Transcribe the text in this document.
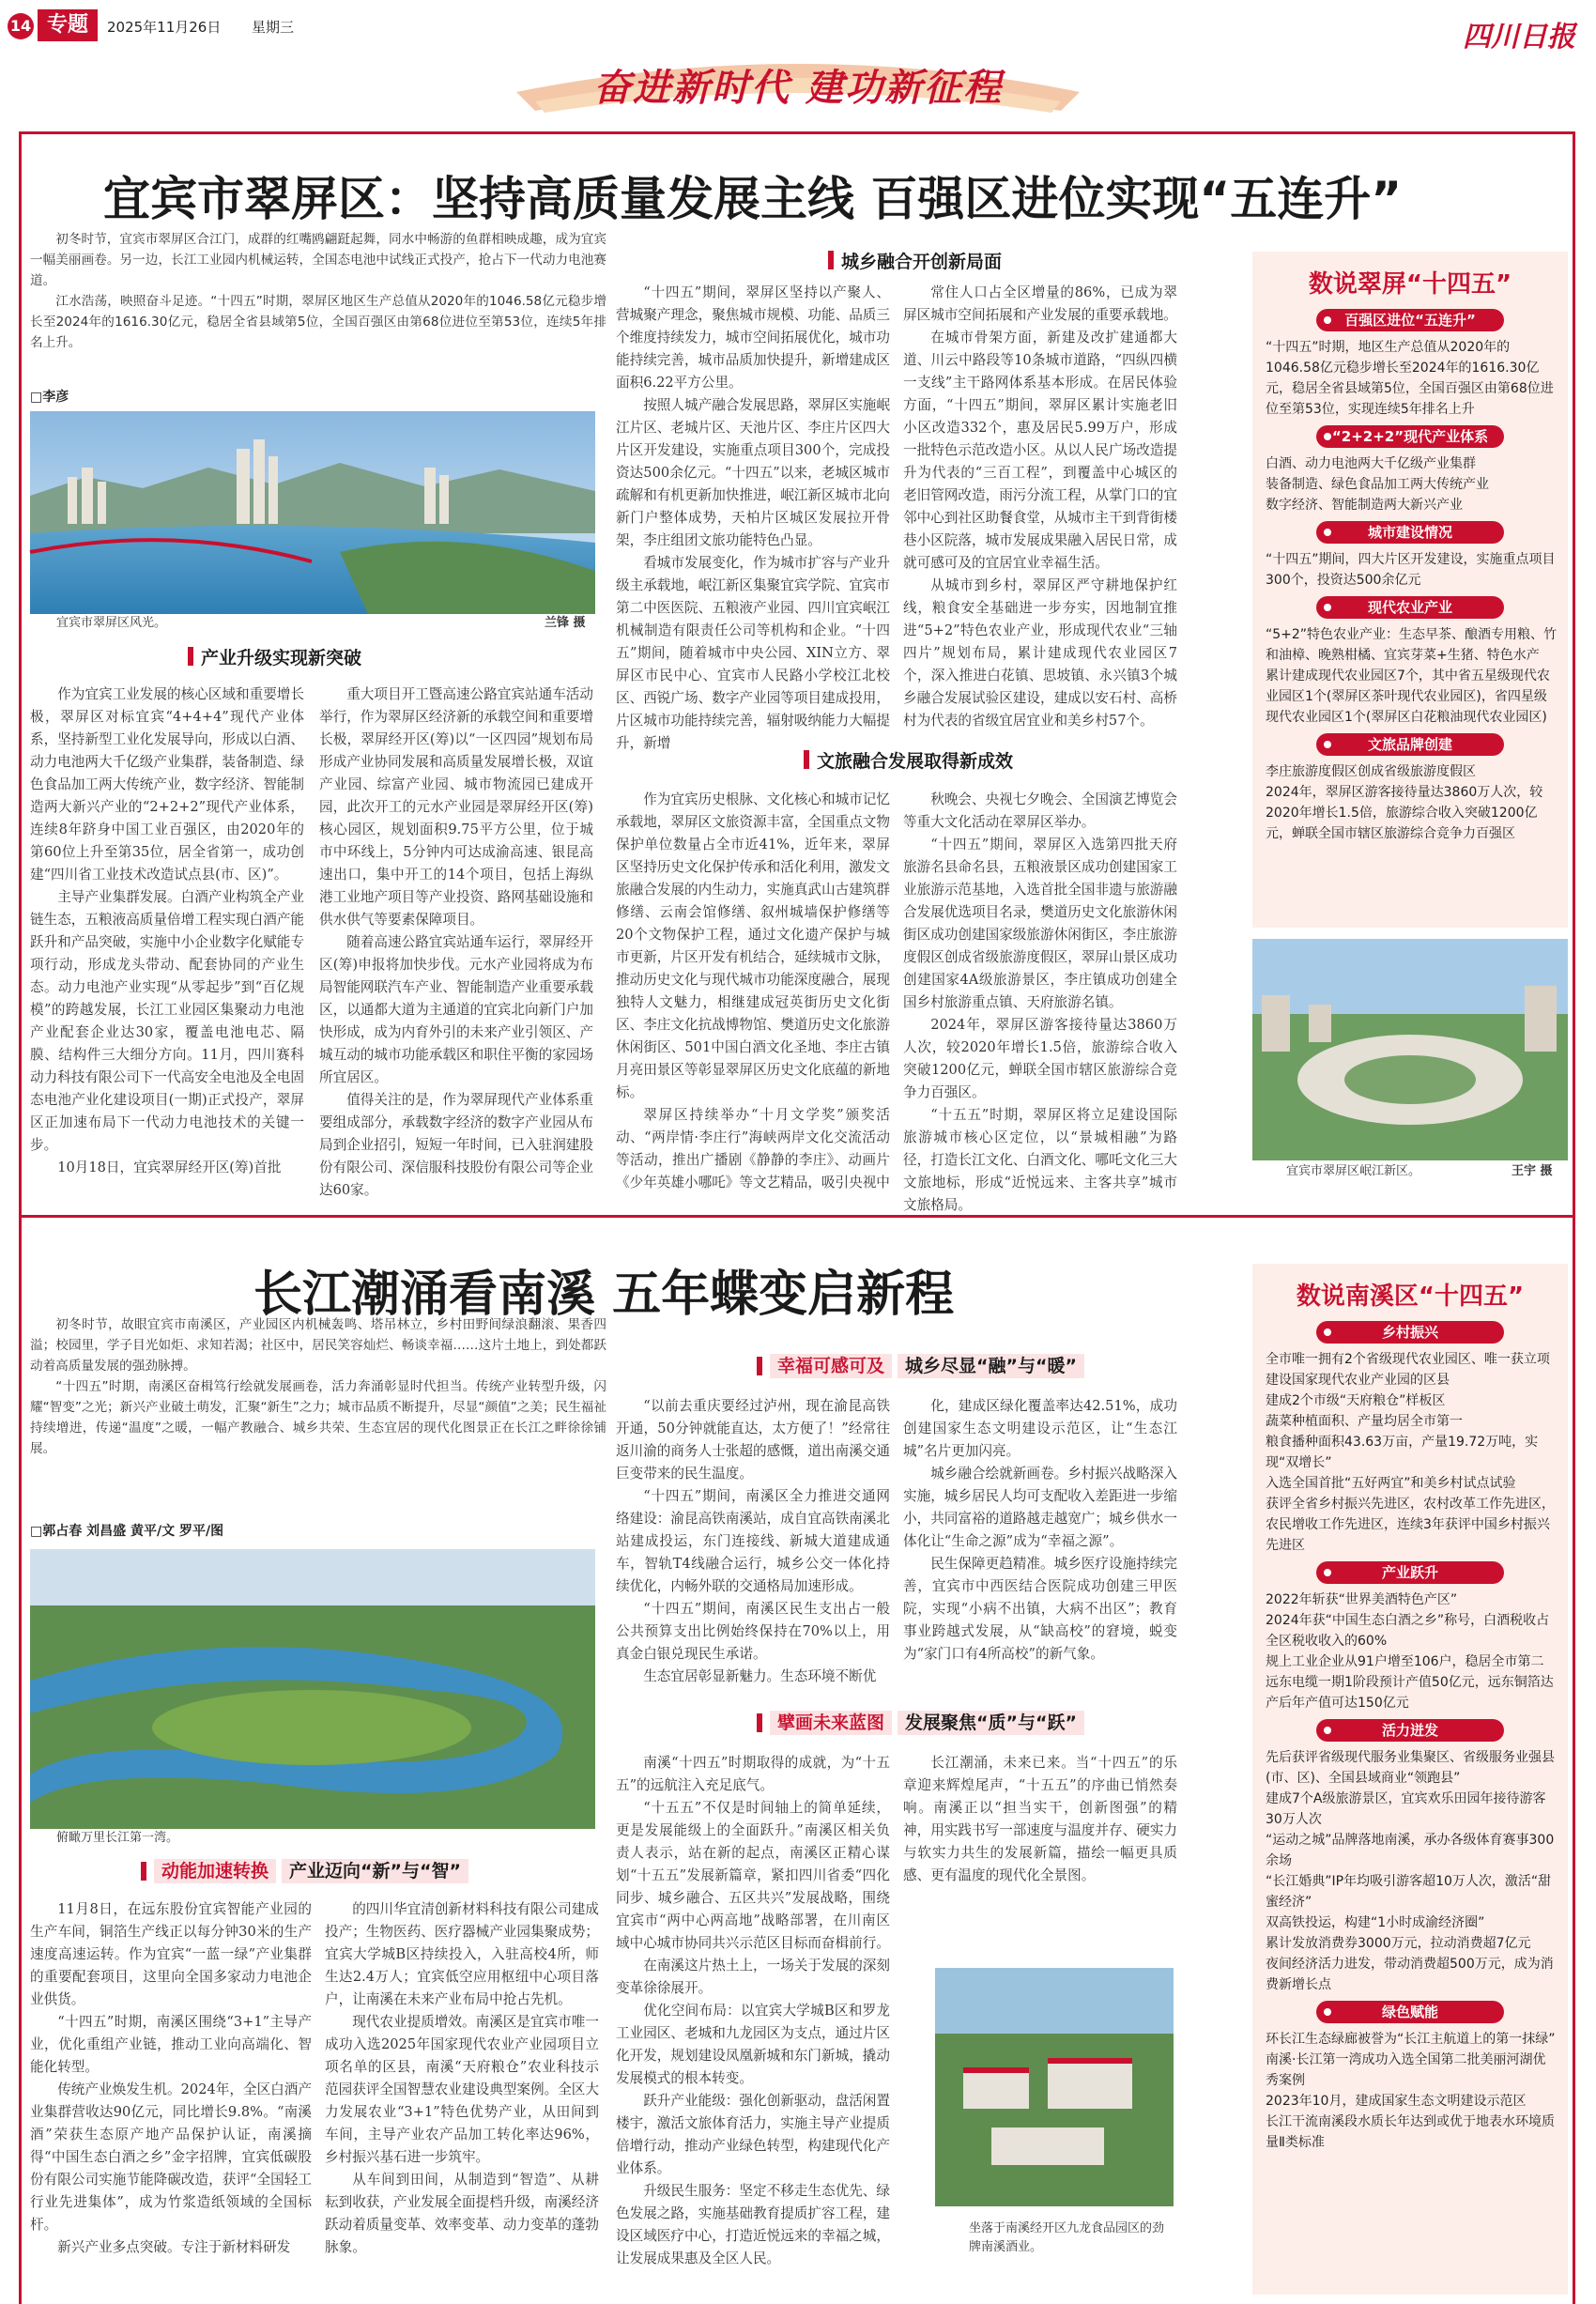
14 专题	2025年11月26日 星期三
奋进新时代 建功新征程
四川日报
宜宾市翠屏区：坚持高质量发展主线 百强区进位实现“五连升”

初冬时节，宜宾市翠屏区合江门，成群的红嘴鸥翩跹起舞，同水中畅游的鱼群相映成趣，成为宜宾一幅美丽画卷。另一边，长江工业园内机械运转，全国态电池中试线正式投产，抢占下一代动力电池赛道。

江水浩荡，映照奋斗足迹。“十四五”时期，翠屏区地区生产总值从2020年的1046.58亿元稳步增长至2024年的1616.30亿元，稳居全省县域第5位，全国百强区由第68位进位至第53位，连续5年排名上升。

□李彦
宜宾市翠屏区风光。	兰锋 摄
产业升级实现新突破

作为宜宾工业发展的核心区域和重要增长极，翠屏区对标宜宾“4+4+4”现代产业体系，坚持新型工业化发展导向，形成以白酒、动力电池两大千亿级产业集群，装备制造、绿色食品加工两大传统产业，数字经济、智能制造两大新兴产业的“2+2+2”现代产业体系，连续8年跻身中国工业百强区，由2020年的第60位上升至第35位，居全省第一，成功创建“四川省工业技术改造试点县(市、区)”。

主导产业集群发展。白酒产业构筑全产业链生态，五粮液高质量倍增工程实现白酒产能跃升和产品突破，实施中小企业数字化赋能专项行动，形成龙头带动、配套协同的产业生态。动力电池产业实现“从零起步”到“百亿规模”的跨越发展，长江工业园区集聚动力电池产业配套企业达30家，覆盖电池电芯、隔膜、结构件三大细分方向。11月，四川赛科动力科技有限公司下一代高安全电池及全电固态电池产业化建设项目(一期)正式投产，翠屏区正加速布局下一代动力电池技术的关键一步。

10月18日，宜宾翠屏经开区(筹)首批

重大项目开工暨高速公路宜宾站通车活动举行，作为翠屏区经济新的承载空间和重要增长极，翠屏经开区(筹)以“一区四园”规划布局形成产业协同发展和高质量发展增长极，双谊产业园、综富产业园、城市物流园已建成开园，此次开工的元水产业园是翠屏经开区(筹)核心园区，规划面积9.75平方公里，位于城市中环线上，5分钟内可达成渝高速、银昆高速出口，集中开工的14个项目，包括上海纵港工业地产项目等产业投资、路网基础设施和供水供气等要素保障项目。

随着高速公路宜宾站通车运行，翠屏经开区(筹)申报将加快步伐。元水产业园将成为布局智能网联汽车产业、智能制造产业重要承载区，以通都大道为主通道的宜宾北向新门户加快形成，成为内育外引的未来产业引领区、产城互动的城市功能承载区和职住平衡的家园场所宜居区。

值得关注的是，作为翠屏现代产业体系重要组成部分，承载数字经济的数字产业园从布局到企业招引，短短一年时间，已入驻润建股份有限公司、深信服科技股份有限公司等企业达60家。

城乡融合开创新局面

“十四五”期间，翠屏区坚持以产聚人、营城聚产理念，聚焦城市规模、功能、品质三个维度持续发力，城市空间拓展优化，城市功能持续完善，城市品质加快提升，新增建成区面积6.22平方公里。

按照人城产融合发展思路，翠屏区实施岷江片区、老城片区、天池片区、李庄片区四大片区开发建设，实施重点项目300个，完成投资达500余亿元。“十四五”以来，老城区城市疏解和有机更新加快推进，岷江新区城市北向新门户整体成势，天柏片区城区发展拉开骨架，李庄组团文旅功能特色凸显。

看城市发展变化，作为城市扩容与产业升级主承载地，岷江新区集聚宜宾学院、宜宾市第二中医医院、五粮液产业园、四川宜宾岷江机械制造有限责任公司等机构和企业。“十四五”期间，随着城市中央公园、XIN立方、翠屏区市民中心、宜宾市人民路小学校江北校区、西锐广场、数字产业园等项目建成投用，片区城市功能持续完善，辐射吸纳能力大幅提升，新增

常住人口占全区增量的86%，已成为翠屏区城市空间拓展和产业发展的重要承载地。

在城市骨架方面，新建及改扩建通都大道、川云中路段等10条城市道路，“四纵四横一支线”主干路网体系基本形成。在居民体验方面，“十四五”期间，翠屏区累计实施老旧小区改造332个，惠及居民5.99万户，形成一批特色示范改造小区。从以人民广场改造提升为代表的“三百工程”，到覆盖中心城区的老旧管网改造，雨污分流工程，从掌门口的宜邻中心到社区助餐食堂，从城市主干到背街楼巷小区院落，城市发展成果融入居民日常，成就可感可及的宜居宜业幸福生活。

从城市到乡村，翠屏区严守耕地保护红线，粮食安全基础进一步夯实，因地制宜推进“5+2”特色农业产业，形成现代农业“三轴四片”规划布局，累计建成现代农业园区7个，深入推进白花镇、思坡镇、永兴镇3个城乡融合发展试验区建设，建成以安石村、高桥村为代表的省级宜居宜业和美乡村57个。

文旅融合发展取得新成效

作为宜宾历史根脉、文化核心和城市记忆承载地，翠屏区文旅资源丰富，全国重点文物保护单位数量占全市近41%，近年来，翠屏区坚持历史文化保护传承和活化利用，激发文旅融合发展的内生动力，实施真武山古建筑群修缮、云南会馆修缮、叙州城墙保护修缮等20个文物保护工程，通过文化遗产保护与城市更新，片区开发有机结合，延续城市文脉，推动历史文化与现代城市功能深度融合，展现独特人文魅力，相继建成冠英街历史文化街区、李庄文化抗战博物馆、樊道历史文化旅游休闲街区、501中国白酒文化圣地、李庄古镇月亮田景区等彰显翠屏区历史文化底蕴的新地标。

翠屏区持续举办“十月文学奖”颁奖活动、“两岸情·李庄行”海峡两岸文化交流活动等活动，推出广播剧《静静的李庄》、动画片《少年英雄小哪吒》等文艺精品，吸引央视中

秋晚会、央视七夕晚会、全国演艺博览会等重大文化活动在翠屏区举办。

“十四五”期间，翠屏区入选第四批天府旅游名县命名县，五粮液景区成功创建国家工业旅游示范基地，入选首批全国非遗与旅游融合发展优选项目名录，樊道历史文化旅游休闲街区成功创建国家级旅游休闲街区，李庄旅游度假区创成省级旅游度假区，翠屏山景区成功创建国家4A级旅游景区，李庄镇成功创建全国乡村旅游重点镇、天府旅游名镇。

2024年，翠屏区游客接待量达3860万人次，较2020年增长1.5倍，旅游综合收入突破1200亿元，蝉联全国市辖区旅游综合竞争力百强区。

“十五五”时期，翠屏区将立足建设国际旅游城市核心区定位，以“景城相融”为路径，打造长江文化、白酒文化、哪吒文化三大文旅地标，形成“近悦远来、主客共享”城市文旅格局。

数说翠屏“十四五”
百强区进位“五连升”
“十四五”时期，地区生产总值从2020年的
1046.58亿元稳步增长至2024年的1616.30亿元，稳居全省县域第5位，全国百强区由第68位进位至第53位，实现连续5年排名上升
“2+2+2”现代产业体系
白酒、动力电池两大千亿级产业集群
装备制造、绿色食品加工两大传统产业
数字经济、智能制造两大新兴产业
城市建设情况
“十四五”期间，四大片区开发建设，实施重点项目300个，投资达500余亿元
现代农业产业
“5+2”特色农业产业：生态早茶、酿酒专用粮、竹和油樟、晚熟柑橘、宜宾芽菜+生猪、特色水产
累计建成现代农业园区7个，其中省五星级现代农业园区1个(翠屏区茶叶现代农业园区)，省四星级现代农业园区1个(翠屏区白花粮油现代农业园区)
文旅品牌创建
李庄旅游度假区创成省级旅游度假区
2024年，翠屏区游客接待量达3860万人次，较2020年增长1.5倍，旅游综合收入突破1200亿元，蝉联全国市辖区旅游综合竞争力百强区
宜宾市翠屏区岷江新区。	王宇 摄
长江潮涌看南溪 五年蝶变启新程

初冬时节，故眼宜宾市南溪区，产业园区内机械轰鸣、塔吊林立，乡村田野间绿浪翻滚、果香四溢；校园里，学子目光如炬、求知若渴；社区中，居民笑容灿烂、畅谈幸福……这片土地上，到处都跃动着高质量发展的强劲脉搏。

“十四五”时期，南溪区奋楫笃行绘就发展画卷，活力奔涌彰显时代担当。传统产业转型升级，闪耀“智变”之光；新兴产业破土萌发，汇聚“新生”之力；城市品质不断提升，尽显“颜值”之美；民生福祉持续增进，传递“温度”之暖，一幅产教融合、城乡共荣、生态宜居的现代化图景正在长江之畔徐徐铺展。

□郭占春 刘昌盛 黄平/文 罗平/图
俯瞰万里长江第一湾。
动能加速转换	产业迈向“新”与“智”

11月8日，在远东股份宜宾智能产业园的生产车间，铜箔生产线正以每分钟30米的生产速度高速运转。作为宜宾“一蓝一绿”产业集群的重要配套项目，这里向全国多家动力电池企业供货。

“十四五”时期，南溪区围绕“3+1”主导产业，优化重组产业链，推动工业向高端化、智能化转型。

传统产业焕发生机。2024年，全区白酒产业集群营收达90亿元，同比增长9.8%。“南溪酒”荣获生态原产地产品保护认证，南溪摘得“中国生态白酒之乡”金字招牌，宜宾低碳股份有限公司实施节能降碳改造，获评“全国轻工行业先进集体”，成为竹浆造纸领域的全国标杆。

新兴产业多点突破。专注于新材料研发

的四川华宜清创新材料科技有限公司建成投产；生物医药、医疗器械产业园集聚成势；宜宾大学城B区持续投入，入驻高校4所，师生达2.4万人；宜宾低空应用枢纽中心项目落户，让南溪在未来产业布局中抢占先机。

现代农业提质增效。南溪区是宜宾市唯一成功入选2025年国家现代农业产业园项目立项名单的区县，南溪“天府粮仓”农业科技示范园获评全国智慧农业建设典型案例。全区大力发展农业“3+1”特色优势产业，从田间到车间，主导产业农产品加工转化率达96%，乡村振兴基石进一步筑牢。

从车间到田间，从制造到“智造”、从耕耘到收获，产业发展全面提档升级，南溪经济跃动着质量变革、效率变革、动力变革的蓬勃脉象。

幸福可感可及	城乡尽显“融”与“暖”

“以前去重庆要经过泸州，现在渝昆高铁开通，50分钟就能直达，太方便了！”经常往返川渝的商务人士张超的感慨，道出南溪交通巨变带来的民生温度。

“十四五”期间，南溪区全力推进交通网络建设：渝昆高铁南溪站，成自宜高铁南溪北站建成投运，东门连接线、新城大道建成通车，智轨T4线融合运行，城乡公交一体化持续优化，内畅外联的交通格局加速形成。

“十四五”期间，南溪区民生支出占一般公共预算支出比例始终保持在70%以上，用真金白银兑现民生承诺。

生态宜居彰显新魅力。生态环境不断优

化，建成区绿化覆盖率达42.51%，成功创建国家生态文明建设示范区，让“生态江城”名片更加闪亮。

城乡融合绘就新画卷。乡村振兴战略深入实施，城乡居民人均可支配收入差距进一步缩小，共同富裕的道路越走越宽广；城乡供水一体化让“生命之源”成为“幸福之源”。

民生保障更趋精准。城乡医疗设施持续完善，宜宾市中西医结合医院成功创建三甲医院，实现“小病不出镇，大病不出区”；教育事业跨越式发展，从“缺高校”的窘境，蜕变为“家门口有4所高校”的新气象。

擘画未来蓝图	发展聚焦“质”与“跃”

南溪“十四五”时期取得的成就，为“十五五”的远航注入充足底气。

“十五五”不仅是时间轴上的简单延续，更是发展能级上的全面跃升。”南溪区相关负责人表示，站在新的起点，南溪区正精心谋划“十五五”发展新篇章，紧扣四川省委“四化同步、城乡融合、五区共兴”发展战略，围绕宜宾市“两中心两高地”战略部署，在川南区域中心城市协同共兴示范区目标而奋楫前行。

在南溪这片热土上，一场关于发展的深刻变革徐徐展开。

优化空间布局：以宜宾大学城B区和罗龙工业园区、老城和九龙园区为支点，通过片区化开发，规划建设凤凰新城和东门新城，撬动发展模式的根本转变。

跃升产业能级：强化创新驱动，盘活闲置楼宇，激活文旅体育活力，实施主导产业提质倍增行动，推动产业绿色转型，构建现代化产业体系。

升级民生服务：坚定不移走生态优先、绿色发展之路，实施基础教育提质扩容工程，建设区域医疗中心，打造近悦远来的幸福之城，让发展成果惠及全区人民。

长江潮涌，未来已来。当“十四五”的乐章迎来辉煌尾声，“十五五”的序曲已悄然奏响。南溪正以“担当实干，创新图强”的精神，用实践书写一部速度与温度并存、硬实力与软实力共生的发展新篇，描绘一幅更具质感、更有温度的现代化全景图。

坐落于南溪经开区九龙食品园区的劲牌南溪酒业。
数说南溪区“十四五”
乡村振兴
全市唯一拥有2个省级现代农业园区、唯一获立项建设国家现代农业产业园的区县
建成2个市级“天府粮仓”样板区
蔬菜种植面积、产量均居全市第一
粮食播种面积43.63万亩，产量19.72万吨，实现“双增长”
入选全国首批“五好两宜”和美乡村试点试验
获评全省乡村振兴先进区，农村改革工作先进区，农民增收工作先进区，连续3年获评中国乡村振兴先进区
产业跃升
2022年斩获“世界美酒特色产区”
2024年获“中国生态白酒之乡”称号，白酒税收占全区税收收入的60%
规上工业企业从91户增至106户，稳居全市第二
远东电缆一期1阶段预计产值50亿元，远东铜箔达产后年产值可达150亿元
活力迸发
先后获评省级现代服务业集聚区、省级服务业强县(市、区)、全国县域商业“领跑县”
建成7个A级旅游景区，宜宾欢乐田园年接待游客30万人次
“运动之城”品牌落地南溪，承办各级体育赛事300余场
“长江婚典”IP年均吸引游客超10万人次，激活“甜蜜经济”
双高铁投运，构建“1小时成渝经济圈”
累计发放消费券3000万元，拉动消费超7亿元
夜间经济活力进发，带动消费超500万元，成为消费新增长点
绿色赋能
环长江生态绿廊被誉为“长江主航道上的第一抹绿”
南溪·长江第一湾成功入选全国第二批美丽河湖优秀案例
2023年10月，建成国家生态文明建设示范区
长江干流南溪段水质长年达到或优于地表水环境质量Ⅱ类标准
